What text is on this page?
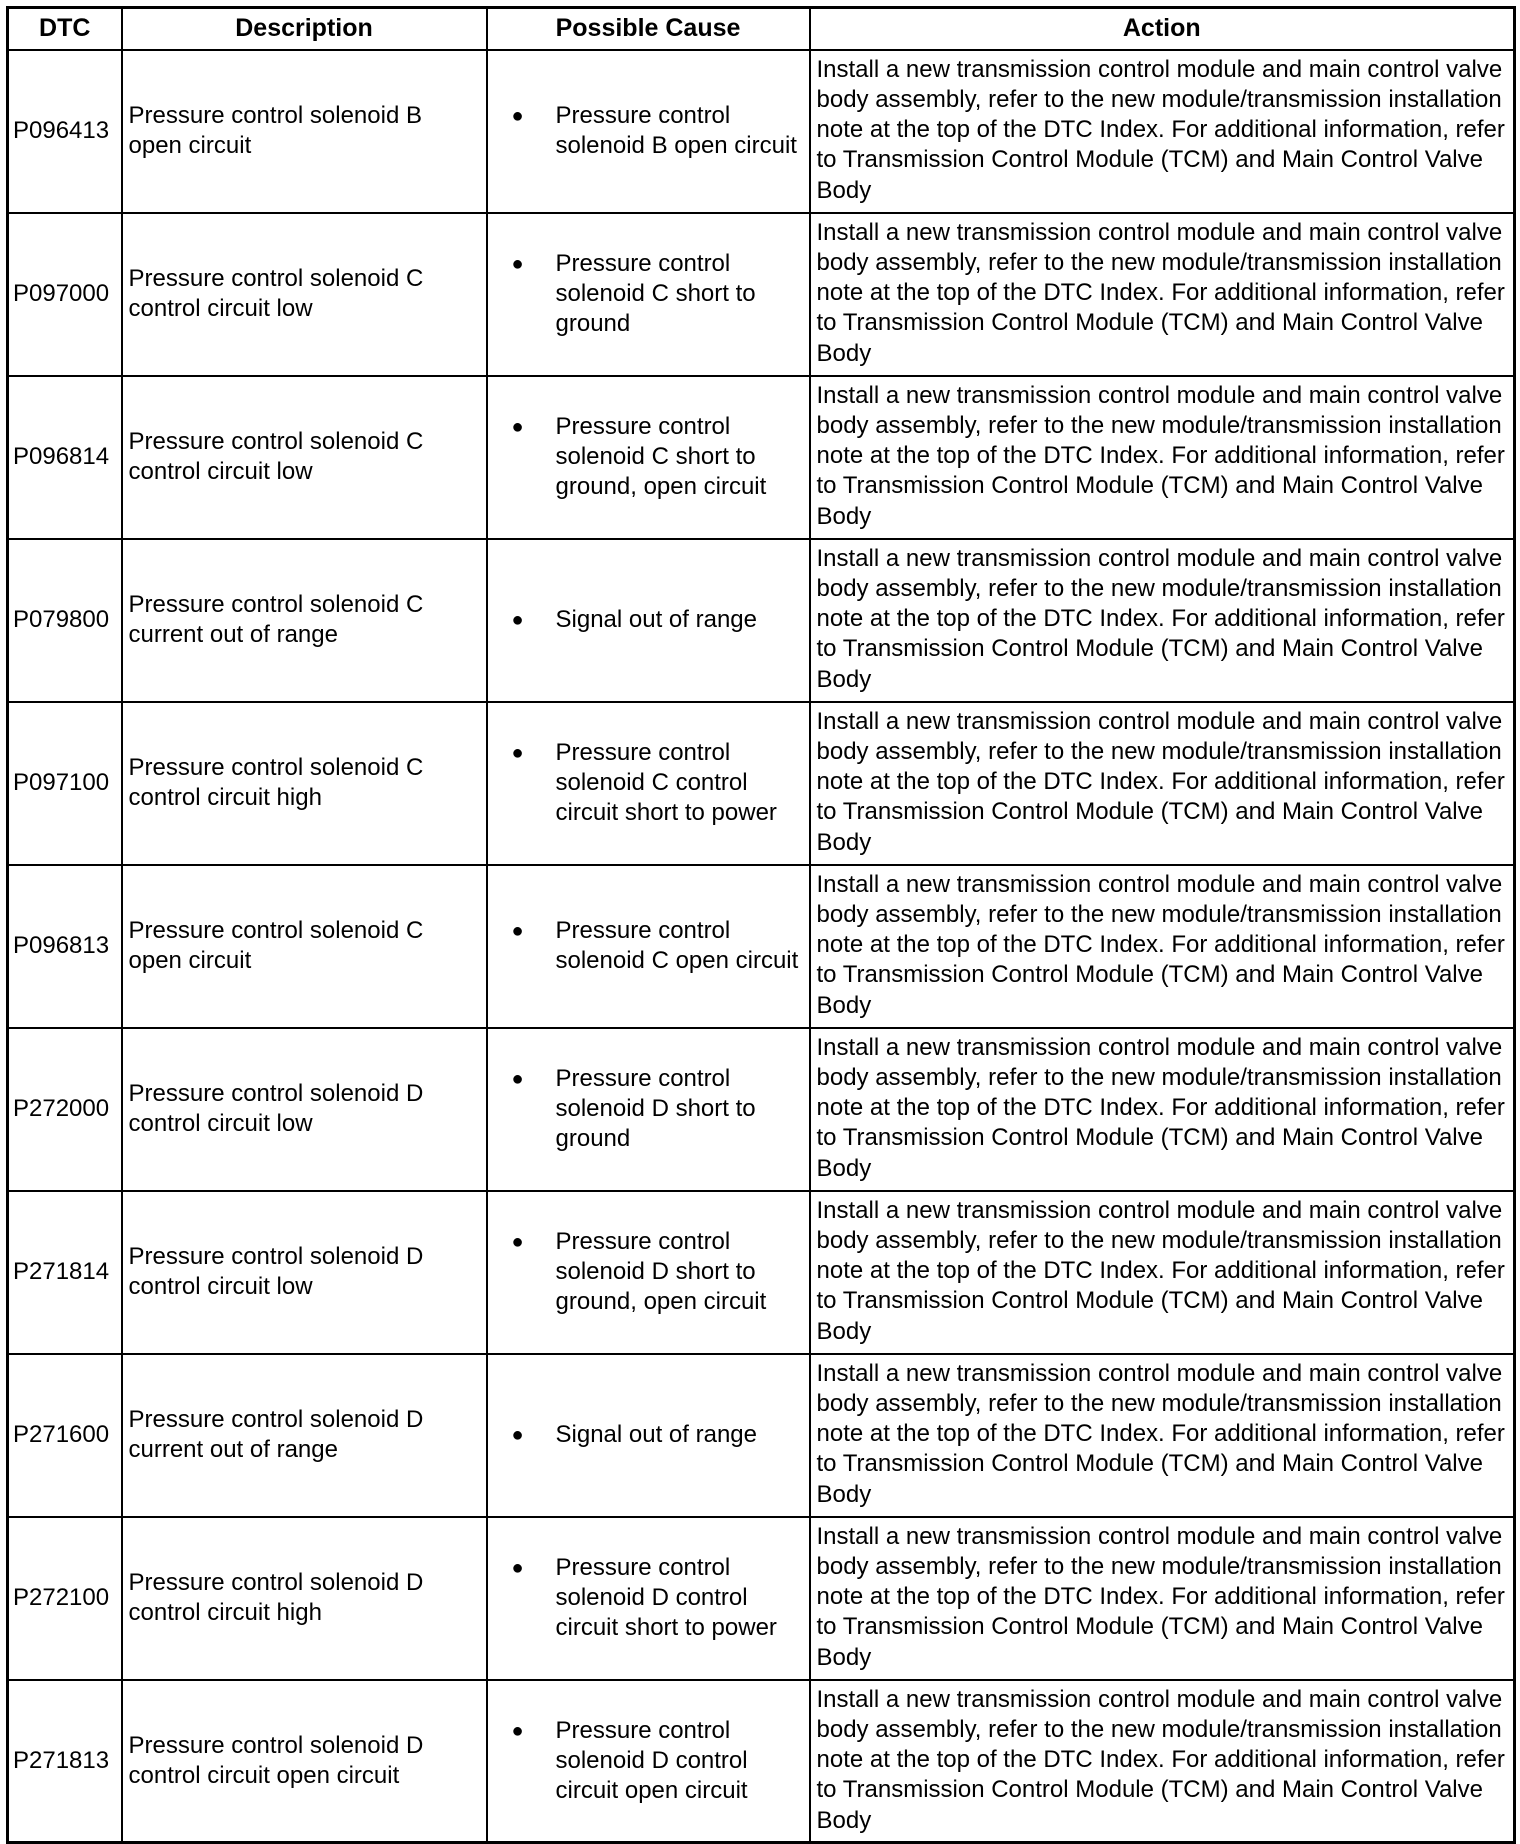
DTC	Description	Possible Cause	Action
P096413	Pressure control solenoid B open circuit	● Pressure control solenoid B open circuit	Install a new transmission control module and main control valve body assembly, refer to the new module/transmission installation note at the top of the DTC Index. For additional information, refer to Transmission Control Module (TCM) and Main Control Valve Body
P097000	Pressure control solenoid C control circuit low	● Pressure control solenoid C short to ground	Install a new transmission control module and main control valve body assembly, refer to the new module/transmission installation note at the top of the DTC Index. For additional information, refer to Transmission Control Module (TCM) and Main Control Valve Body
P096814	Pressure control solenoid C control circuit low	● Pressure control solenoid C short to ground, open circuit	Install a new transmission control module and main control valve body assembly, refer to the new module/transmission installation note at the top of the DTC Index. For additional information, refer to Transmission Control Module (TCM) and Main Control Valve Body
P079800	Pressure control solenoid C current out of range	● Signal out of range	Install a new transmission control module and main control valve body assembly, refer to the new module/transmission installation note at the top of the DTC Index. For additional information, refer to Transmission Control Module (TCM) and Main Control Valve Body
P097100	Pressure control solenoid C control circuit high	● Pressure control solenoid C control circuit short to power	Install a new transmission control module and main control valve body assembly, refer to the new module/transmission installation note at the top of the DTC Index. For additional information, refer to Transmission Control Module (TCM) and Main Control Valve Body
P096813	Pressure control solenoid C open circuit	● Pressure control solenoid C open circuit	Install a new transmission control module and main control valve body assembly, refer to the new module/transmission installation note at the top of the DTC Index. For additional information, refer to Transmission Control Module (TCM) and Main Control Valve Body
P272000	Pressure control solenoid D control circuit low	● Pressure control solenoid D short to ground	Install a new transmission control module and main control valve body assembly, refer to the new module/transmission installation note at the top of the DTC Index. For additional information, refer to Transmission Control Module (TCM) and Main Control Valve Body
P271814	Pressure control solenoid D control circuit low	● Pressure control solenoid D short to ground, open circuit	Install a new transmission control module and main control valve body assembly, refer to the new module/transmission installation note at the top of the DTC Index. For additional information, refer to Transmission Control Module (TCM) and Main Control Valve Body
P271600	Pressure control solenoid D current out of range	● Signal out of range	Install a new transmission control module and main control valve body assembly, refer to the new module/transmission installation note at the top of the DTC Index. For additional information, refer to Transmission Control Module (TCM) and Main Control Valve Body
P272100	Pressure control solenoid D control circuit high	● Pressure control solenoid D control circuit short to power	Install a new transmission control module and main control valve body assembly, refer to the new module/transmission installation note at the top of the DTC Index. For additional information, refer to Transmission Control Module (TCM) and Main Control Valve Body
P271813	Pressure control solenoid D control circuit open circuit	● Pressure control solenoid D control circuit open circuit	Install a new transmission control module and main control valve body assembly, refer to the new module/transmission installation note at the top of the DTC Index. For additional information, refer to Transmission Control Module (TCM) and Main Control Valve Body
